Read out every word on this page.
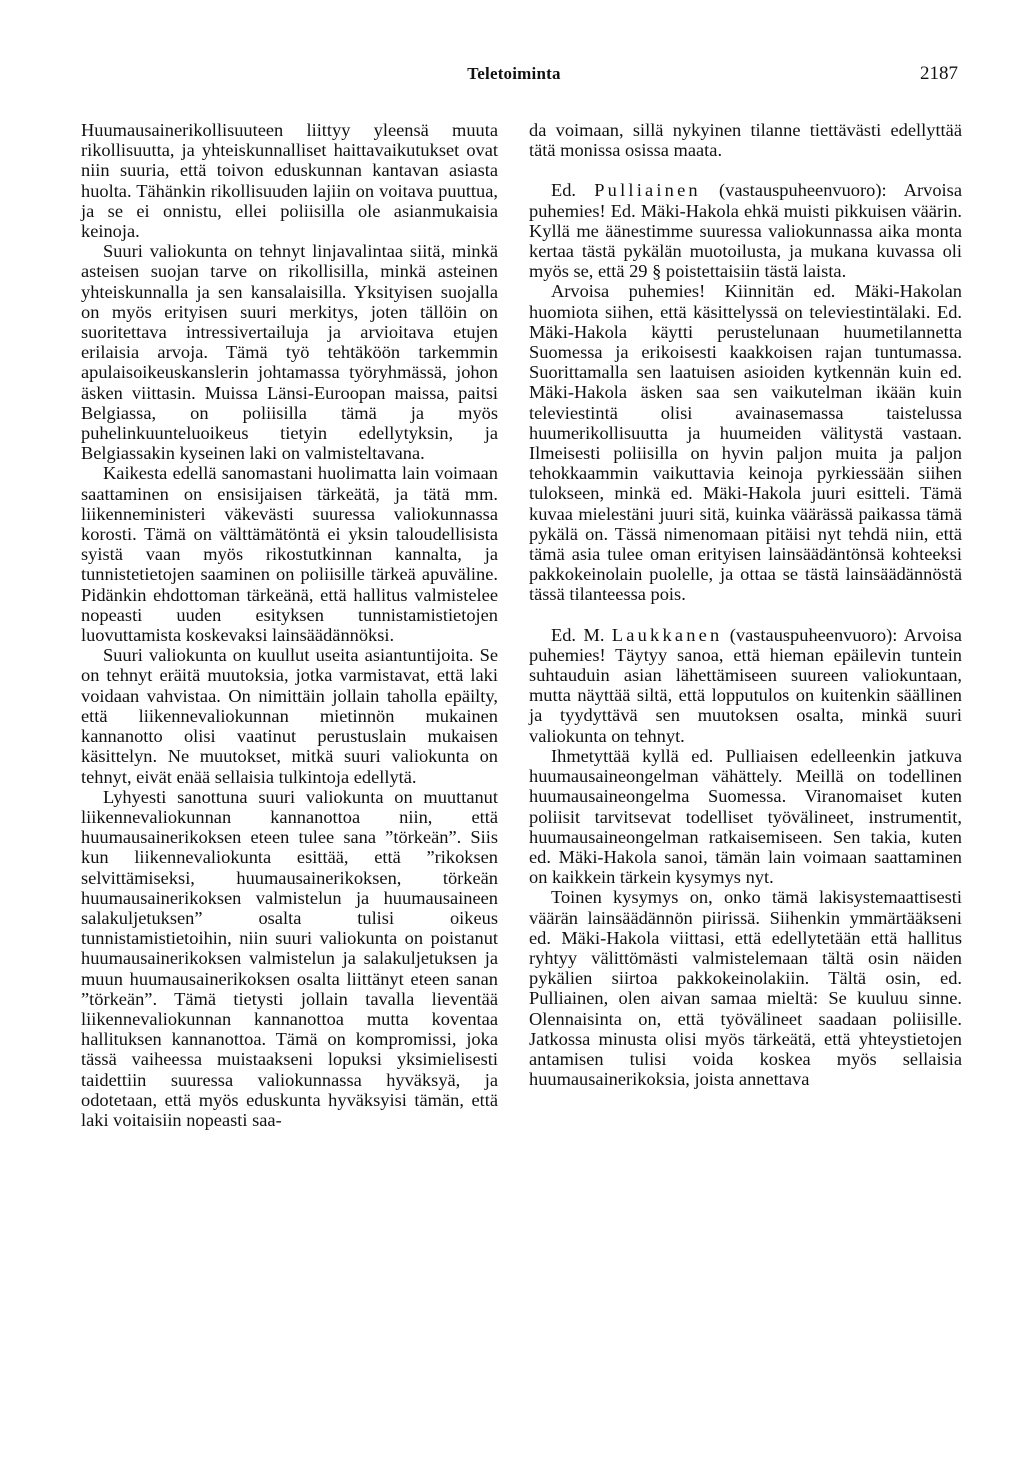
Teletoiminta	2187

Huumausainerikollisuuteen liittyy yleensä muuta rikollisuutta, ja yhteiskunnalliset haittavaikutukset ovat niin suuria, että toivon eduskunnan kantavan asiasta huolta. Tähänkin rikollisuuden lajiin on voitava puuttua, ja se ei onnistu, ellei poliisilla ole asianmukaisia keinoja.

Suuri valiokunta on tehnyt linjavalintaa siitä, minkä asteisen suojan tarve on rikollisilla, minkä asteinen yhteiskunnalla ja sen kansalaisilla. Yksityisen suojalla on myös erityisen suuri merkitys, joten tällöin on suoritettava intressivertailuja ja arvioitava etujen erilaisia arvoja. Tämä työ tehtäköön tarkemmin apulaisoikeuskanslerin johtamassa työryhmässä, johon äsken viittasin. Muissa Länsi-Euroopan maissa, paitsi Belgiassa, on poliisilla tämä ja myös puhelinkuunteluoikeus tietyin edellytyksin, ja Belgiassakin kyseinen laki on valmisteltavana.

Kaikesta edellä sanomastani huolimatta lain voimaan saattaminen on ensisijaisen tärkeätä, ja tätä mm. liikenneministeri väkevästi suuressa valiokunnassa korosti. Tämä on välttämätöntä ei yksin taloudellisista syistä vaan myös rikostutkinnan kannalta, ja tunnistetietojen saaminen on poliisille tärkeä apuväline. Pidänkin ehdottoman tärkeänä, että hallitus valmistelee nopeasti uuden esityksen tunnistamistietojen luovuttamista koskevaksi lainsäädännöksi.

Suuri valiokunta on kuullut useita asiantuntijoita. Se on tehnyt eräitä muutoksia, jotka varmistavat, että laki voidaan vahvistaa. On nimittäin jollain taholla epäilty, että liikennevaliokunnan mietinnön mukainen kannanotto olisi vaatinut perustuslain mukaisen käsittelyn. Ne muutokset, mitkä suuri valiokunta on tehnyt, eivät enää sellaisia tulkintoja edellytä.

Lyhyesti sanottuna suuri valiokunta on muuttanut liikennevaliokunnan kannanottoa niin, että huumausainerikoksen eteen tulee sana ”törkeän”. Siis kun liikennevaliokunta esittää, että ”rikoksen selvittämiseksi, huumausainerikoksen, törkeän huumausainerikoksen valmistelun ja huumausaineen salakuljetuksen” osalta tulisi oikeus tunnistamistietoihin, niin suuri valiokunta on poistanut huumausainerikoksen valmistelun ja salakuljetuksen ja muun huumausainerikoksen osalta liittänyt eteen sanan ”törkeän”. Tämä tietysti jollain tavalla lieventää liikennevaliokunnan kannanottoa mutta koventaa hallituksen kannanottoa. Tämä on kompromissi, joka tässä vaiheessa muistaakseni lopuksi yksimielisesti taidettiin suuressa valiokunnassa hyväksyä, ja odotetaan, että myös eduskunta hyväksyisi tämän, että laki voitaisiin nopeasti saa-

da voimaan, sillä nykyinen tilanne tiettävästi edellyttää tätä monissa osissa maata.

Ed. Pulliainen (vastauspuheenvuoro): Arvoisa puhemies! Ed. Mäki-Hakola ehkä muisti pikkuisen väärin. Kyllä me äänestimme suuressa valiokunnassa aika monta kertaa tästä pykälän muotoilusta, ja mukana kuvassa oli myös se, että 29 § poistettaisiin tästä laista.

Arvoisa puhemies! Kiinnitän ed. Mäki-Hakolan huomiota siihen, että käsittelyssä on televiestintälaki. Ed. Mäki-Hakola käytti perustelunaan huumetilannetta Suomessa ja erikoisesti kaakkoisen rajan tuntumassa. Suorittamalla sen laatuisen asioiden kytkennän kuin ed. Mäki-Hakola äsken saa sen vaikutelman ikään kuin televiestintä olisi avainasemassa taistelussa huumerikollisuutta ja huumeiden välitystä vastaan. Ilmeisesti poliisilla on hyvin paljon muita ja paljon tehokkaammin vaikuttavia keinoja pyrkiessään siihen tulokseen, minkä ed. Mäki-Hakola juuri esitteli. Tämä kuvaa mielestäni juuri sitä, kuinka väärässä paikassa tämä pykälä on. Tässä nimenomaan pitäisi nyt tehdä niin, että tämä asia tulee oman erityisen lainsäädäntönsä kohteeksi pakkokeinolain puolelle, ja ottaa se tästä lainsäädännöstä tässä tilanteessa pois.

Ed. M. Laukkanen (vastauspuheenvuoro): Arvoisa puhemies! Täytyy sanoa, että hieman epäilevin tuntein suhtauduin asian lähettämiseen suureen valiokuntaan, mutta näyttää siltä, että lopputulos on kuitenkin säällinen ja tyydyttävä sen muutoksen osalta, minkä suuri valiokunta on tehnyt.

Ihmetyttää kyllä ed. Pulliaisen edelleenkin jatkuva huumausaineongelman vähättely. Meillä on todellinen huumausaineongelma Suomessa. Viranomaiset kuten poliisit tarvitsevat todelliset työvälineet, instrumentit, huumausaineongelman ratkaisemiseen. Sen takia, kuten ed. Mäki-Hakola sanoi, tämän lain voimaan saattaminen on kaikkein tärkein kysymys nyt.

Toinen kysymys on, onko tämä lakisystemaattisesti väärän lainsäädännön piirissä. Siihenkin ymmärtääkseni ed. Mäki-Hakola viittasi, että edellytetään että hallitus ryhtyy välittömästi valmistelemaan tältä osin näiden pykälien siirtoa pakkokeinolakiin. Tältä osin, ed. Pulliainen, olen aivan samaa mieltä: Se kuuluu sinne. Olennaisinta on, että työvälineet saadaan poliisille. Jatkossa minusta olisi myös tärkeätä, että yhteystietojen antamisen tulisi voida koskea myös sellaisia huumausainerikoksia, joista annettava
